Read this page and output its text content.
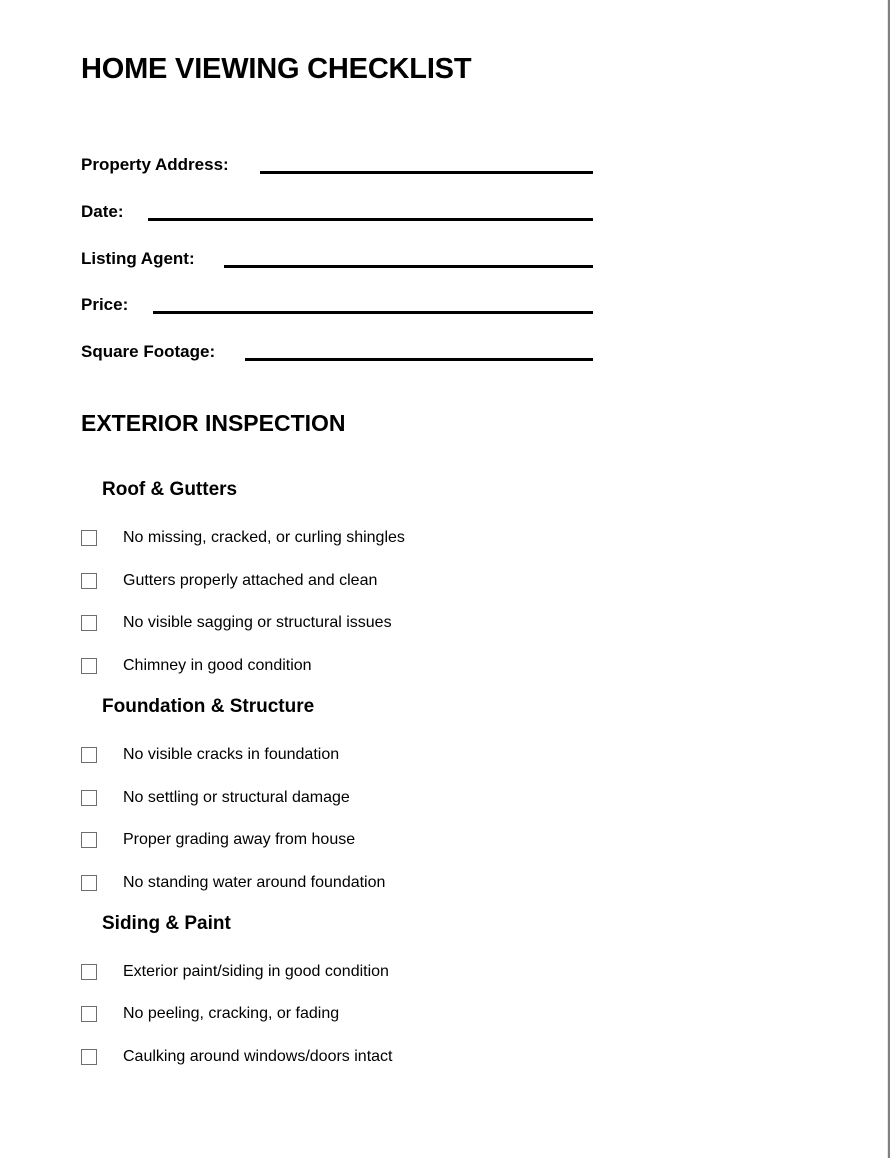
HOME VIEWING CHECKLIST
Property Address:
Date:
Listing Agent:
Price:
Square Footage:
EXTERIOR INSPECTION
Roof & Gutters
No missing, cracked, or curling shingles
Gutters properly attached and clean
No visible sagging or structural issues
Chimney in good condition
Foundation & Structure
No visible cracks in foundation
No settling or structural damage
Proper grading away from house
No standing water around foundation
Siding & Paint
Exterior paint/siding in good condition
No peeling, cracking, or fading
Caulking around windows/doors intact
